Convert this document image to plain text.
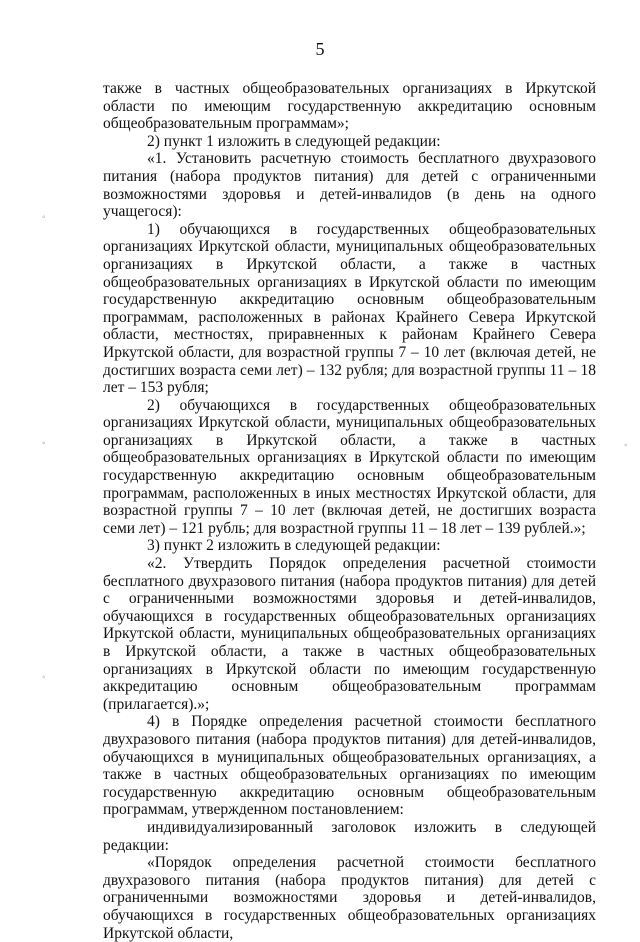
5
◦
◦
◦
◦

также в частных общеобразовательных организациях в Иркутской области по имеющим государственную аккредитацию основным общеобразовательным программам»;

2) пункт 1 изложить в следующей редакции:

«1. Установить расчетную стоимость бесплатного двухразового питания (набора продуктов питания) для детей с ограниченными возможностями здоровья и детей-инвалидов (в день на одного учащегося):

1) обучающихся в государственных общеобразовательных организациях Иркутской области, муниципальных общеобразовательных организациях в Иркутской области, а также в частных общеобразовательных организациях в Иркутской области по имеющим государственную аккредитацию основным общеобразовательным программам, расположенных в районах Крайнего Севера Иркутской области, местностях, приравненных к районам Крайнего Севера Иркутской области, для возрастной группы 7 – 10 лет (включая детей, не достигших возраста семи лет) – 132 рубля; для возрастной группы 11 – 18 лет – 153 рубля;

2) обучающихся в государственных общеобразовательных организациях Иркутской области, муниципальных общеобразовательных организациях в Иркутской области, а также в частных общеобразовательных организациях в Иркутской области по имеющим государственную аккредитацию основным общеобразовательным программам, расположенных в иных местностях Иркутской области, для возрастной группы 7 – 10 лет (включая детей, не достигших возраста семи лет) – 121 рубль; для возрастной группы 11 – 18 лет – 139 рублей.»;

3) пункт 2 изложить в следующей редакции:

«2. Утвердить Порядок определения расчетной стоимости бесплатного двухразового питания (набора продуктов питания) для детей с ограниченными возможностями здоровья и детей-инвалидов, обучающихся в государственных общеобразовательных организациях Иркутской области, муниципальных общеобразовательных организациях в Иркутской области, а также в частных общеобразовательных организациях в Иркутской области по имеющим государственную аккредитацию основным общеобразовательным программам (прилагается).»;

4) в Порядке определения расчетной стоимости бесплатного двухразового питания (набора продуктов питания) для детей-инвалидов, обучающихся в муниципальных общеобразовательных организациях, а также в частных общеобразовательных организациях по имеющим государственную аккредитацию основным общеобразовательным программам, утвержденном постановлением:

индивидуализированный заголовок изложить в следующей редакции:

«Порядок определения расчетной стоимости бесплатного двухразового питания (набора продуктов питания) для детей с ограниченными возможностями здоровья и детей-инвалидов, обучающихся в государственных общеобразовательных организациях Иркутской области,
